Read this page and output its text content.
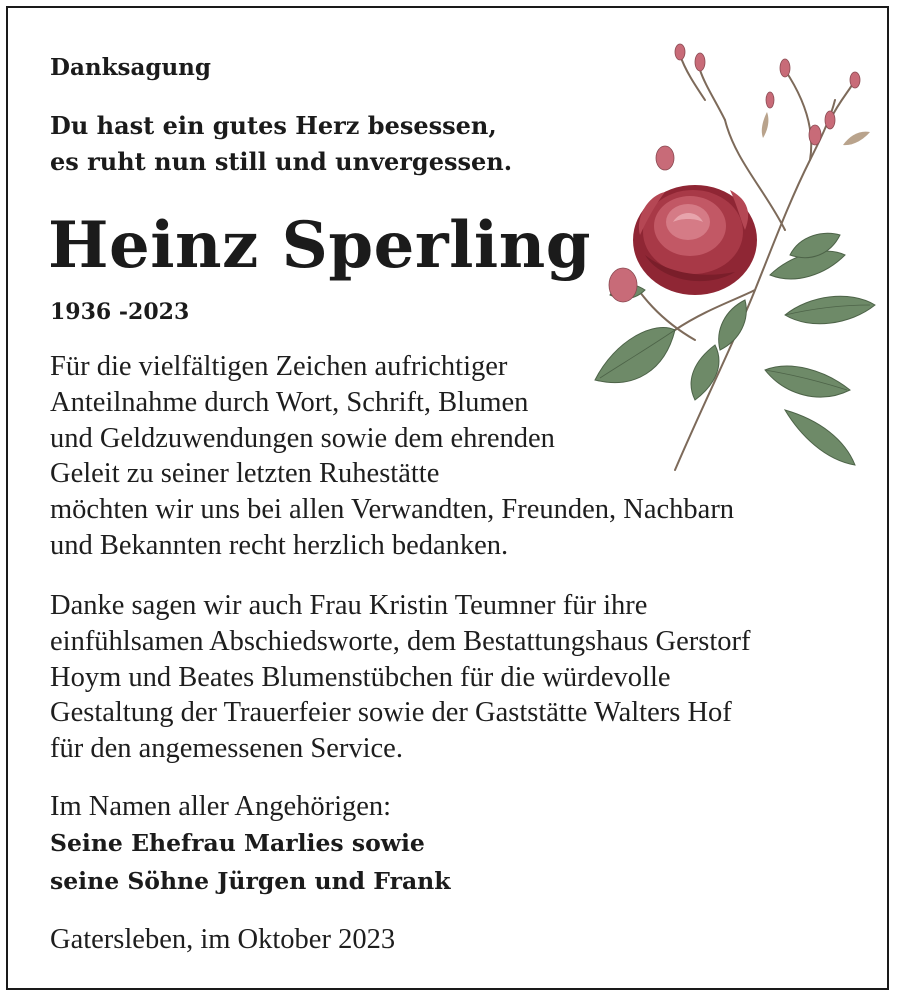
Danksagung
Du hast ein gutes Herz besessen,
es ruht nun still und unvergessen.
Heinz Sperling
1936 -2023
Für die vielfältigen Zeichen aufrichtiger
Anteilnahme durch Wort, Schrift, Blumen
und Geldzuwendungen sowie dem ehrenden
Geleit zu seiner letzten Ruhestätte
möchten wir uns bei allen Verwandten, Freunden, Nachbarn
und Bekannten recht herzlich bedanken.
Danke sagen wir auch Frau Kristin Teumner für ihre
einfühlsamen Abschiedsworte, dem Bestattungshaus Gerstorf
Hoym und Beates Blumenstübchen für die würdevolle
Gestaltung der Trauerfeier sowie der Gaststätte Walters Hof
für den angemessenen Service.
Im Namen aller Angehörigen:
Seine Ehefrau Marlies sowie
seine Söhne Jürgen und Frank
Gatersleben, im Oktober 2023
